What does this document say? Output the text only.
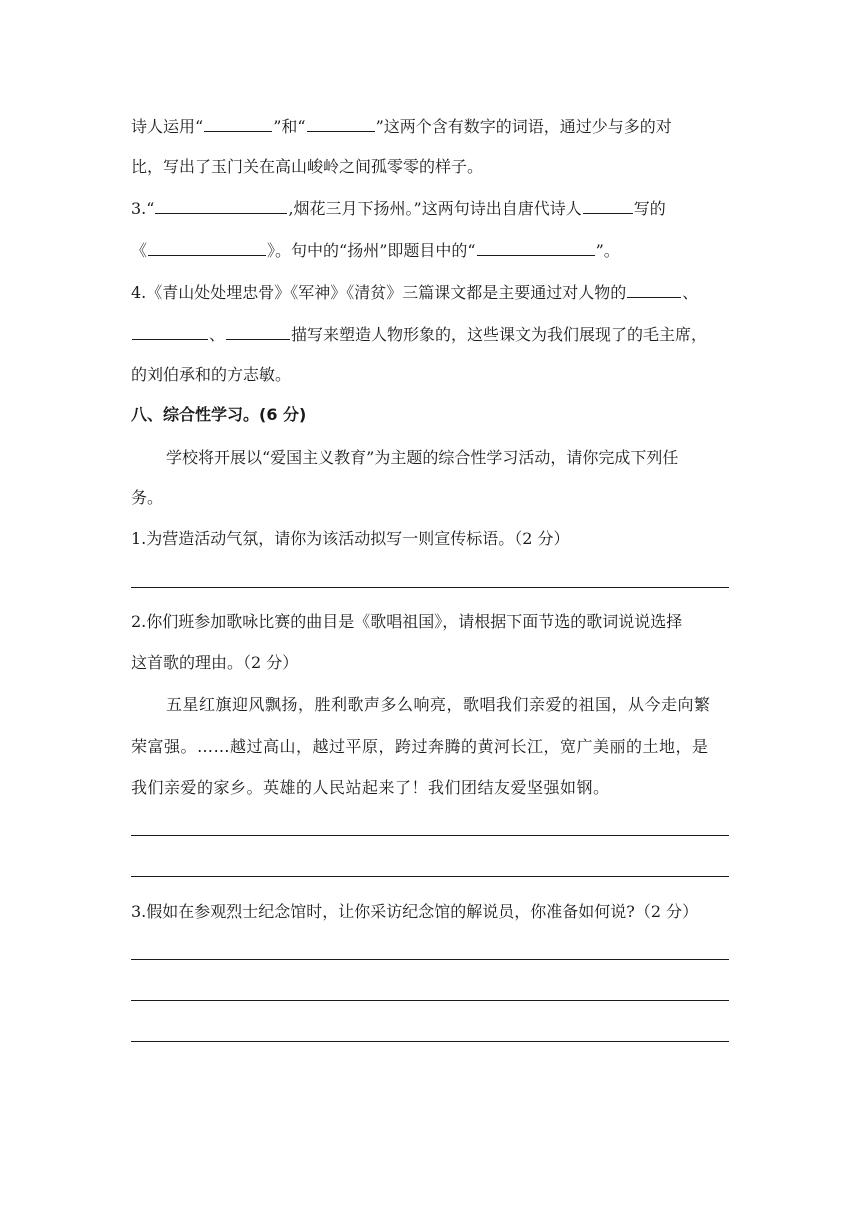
诗人运用“	”和“	”这两个含有数字的词语，通过少与多的对
比，写出了玉门关在高山峻岭之间孤零零的样子。
3.“	,烟花三月下扬州。”这两句诗出自唐代诗人	写的
《	》。句中的“扬州”即题目中的“	”。
4.《青山处处埋忠骨》《军神》《清贫》三篇课文都是主要通过对人物的	、
、	描写来塑造人物形象的，这些课文为我们展现了的毛主席，
的刘伯承和的方志敏。
八、综合性学习。(6 分)
学校将开展以“爱国主义教育”为主题的综合性学习活动，请你完成下列任
务。
1.为营造活动气氛，请你为该活动拟写一则宣传标语。（2 分）
2.你们班参加歌咏比赛的曲目是《歌唱祖国》，请根据下面节选的歌词说说选择
这首歌的理由。（2 分）
五星红旗迎风飘扬，胜利歌声多么响亮，歌唱我们亲爱的祖国，从今走向繁
荣富强。……越过高山，越过平原，跨过奔腾的黄河长江，宽广美丽的土地，是
我们亲爱的家乡。英雄的人民站起来了！我们团结友爱坚强如钢。
3.假如在参观烈士纪念馆时，让你采访纪念馆的解说员，你准备如何说?（2 分）
